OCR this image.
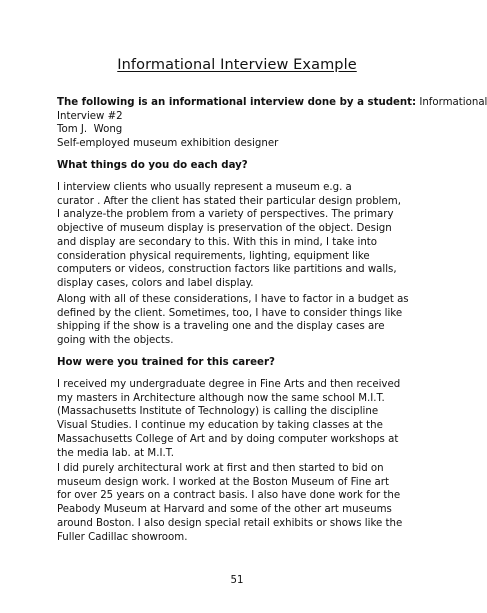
Informational Interview Example
The following is an informational interview done by a student: Informational
Interview #2
Tom J.  Wong
Self-employed museum exhibition designer
What things do you do each day?
I interview clients who usually represent a museum e.g. a
curator . After the client has stated their particular design problem,
I analyze-the problem from a variety of perspectives. The primary
objective of museum display is preservation of the object. Design
and display are secondary to this. With this in mind, I take into
consideration physical requirements, lighting, equipment like
computers or videos, construction factors like partitions and walls,
display cases, colors and label display.
Along with all of these considerations, I have to factor in a budget as
defined by the client. Sometimes, too, I have to consider things like
shipping if the show is a traveling one and the display cases are
going with the objects.
How were you trained for this career?
I received my undergraduate degree in Fine Arts and then received
my masters in Architecture although now the same school M.I.T.
(Massachusetts Institute of Technology) is calling the discipline
Visual Studies. I continue my education by taking classes at the
Massachusetts College of Art and by doing computer workshops at
the media lab. at M.I.T.
I did purely architectural work at first and then started to bid on
museum design work. I worked at the Boston Museum of Fine art
for over 25 years on a contract basis. I also have done work for the
Peabody Museum at Harvard and some of the other art museums
around Boston. I also design special retail exhibits or shows like the
Fuller Cadillac showroom.
51
